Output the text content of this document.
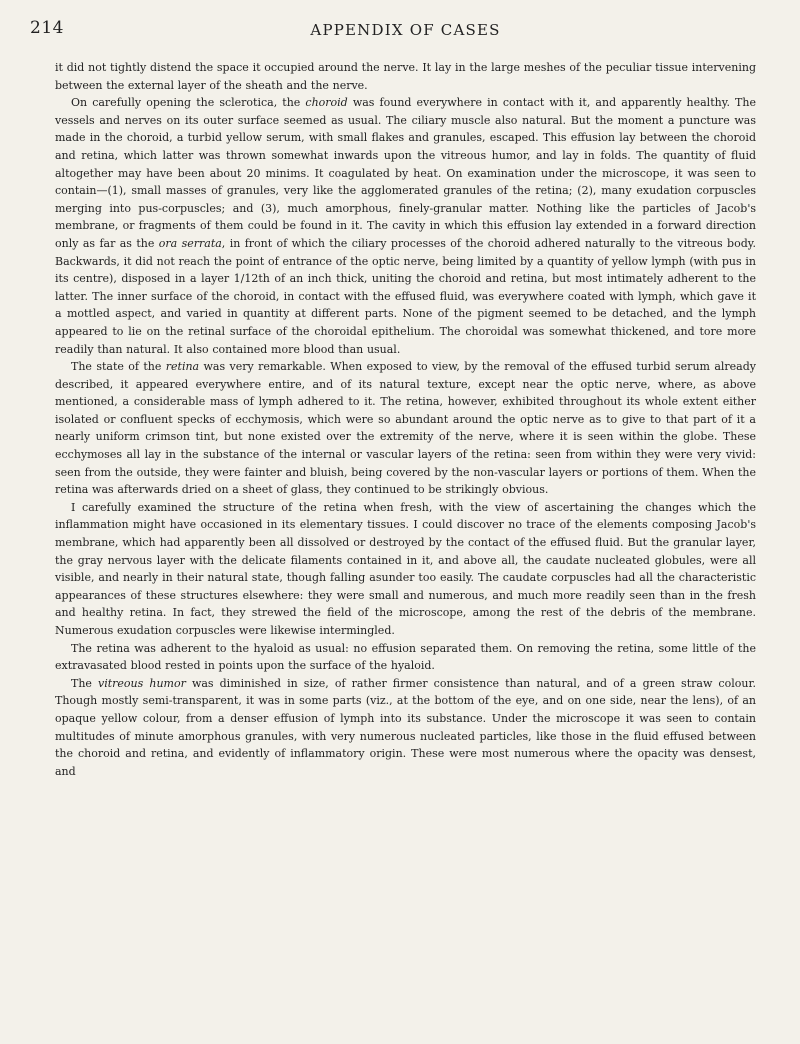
214	APPENDIX OF CASES

it did not tightly distend the space it occupied around the nerve. It lay in the large meshes of the peculiar tissue intervening between the external layer of the sheath and the nerve.

On carefully opening the sclerotica, the choroid was found everywhere in contact with it, and apparently healthy. The vessels and nerves on its outer surface seemed as usual. The ciliary muscle also natural. But the moment a puncture was made in the choroid, a turbid yellow serum, with small flakes and granules, escaped. This effusion lay between the choroid and retina, which latter was thrown somewhat inwards upon the vitreous humor, and lay in folds. The quantity of fluid altogether may have been about 20 minims. It coagulated by heat. On examination under the microscope, it was seen to contain—(1), small masses of granules, very like the agglomerated granules of the retina; (2), many exudation corpuscles merging into pus-corpuscles; and (3), much amorphous, finely-granular matter. Nothing like the particles of Jacob's membrane, or fragments of them could be found in it. The cavity in which this effusion lay extended in a forward direction only as far as the ora serrata, in front of which the ciliary processes of the choroid adhered naturally to the vitreous body. Backwards, it did not reach the point of entrance of the optic nerve, being limited by a quantity of yellow lymph (with pus in its centre), disposed in a layer 1/12th of an inch thick, uniting the choroid and retina, but most intimately adherent to the latter. The inner surface of the choroid, in contact with the effused fluid, was everywhere coated with lymph, which gave it a mottled aspect, and varied in quantity at different parts. None of the pigment seemed to be detached, and the lymph appeared to lie on the retinal surface of the choroidal epithelium. The choroidal was somewhat thickened, and tore more readily than natural. It also contained more blood than usual.

The state of the retina was very remarkable. When exposed to view, by the removal of the effused turbid serum already described, it appeared everywhere entire, and of its natural texture, except near the optic nerve, where, as above mentioned, a considerable mass of lymph adhered to it. The retina, however, exhibited throughout its whole extent either isolated or confluent specks of ecchymosis, which were so abundant around the optic nerve as to give to that part of it a nearly uniform crimson tint, but none existed over the extremity of the nerve, where it is seen within the globe. These ecchymoses all lay in the substance of the internal or vascular layers of the retina: seen from within they were very vivid: seen from the outside, they were fainter and bluish, being covered by the non-vascular layers or portions of them. When the retina was afterwards dried on a sheet of glass, they continued to be strikingly obvious.

I carefully examined the structure of the retina when fresh, with the view of ascertaining the changes which the inflammation might have occasioned in its elementary tissues. I could discover no trace of the elements composing Jacob's membrane, which had apparently been all dissolved or destroyed by the contact of the effused fluid. But the granular layer, the gray nervous layer with the delicate filaments contained in it, and above all, the caudate nucleated globules, were all visible, and nearly in their natural state, though falling asunder too easily. The caudate corpuscles had all the characteristic appearances of these structures elsewhere: they were small and numerous, and much more readily seen than in the fresh and healthy retina. In fact, they strewed the field of the microscope, among the rest of the debris of the membrane. Numerous exudation corpuscles were likewise intermingled.

The retina was adherent to the hyaloid as usual: no effusion separated them. On removing the retina, some little of the extravasated blood rested in points upon the surface of the hyaloid.

The vitreous humor was diminished in size, of rather firmer consistence than natural, and of a green straw colour. Though mostly semi-transparent, it was in some parts (viz., at the bottom of the eye, and on one side, near the lens), of an opaque yellow colour, from a denser effusion of lymph into its substance. Under the microscope it was seen to contain multitudes of minute amorphous granules, with very numerous nucleated particles, like those in the fluid effused between the choroid and retina, and evidently of inflammatory origin. These were most numerous where the opacity was densest, and
